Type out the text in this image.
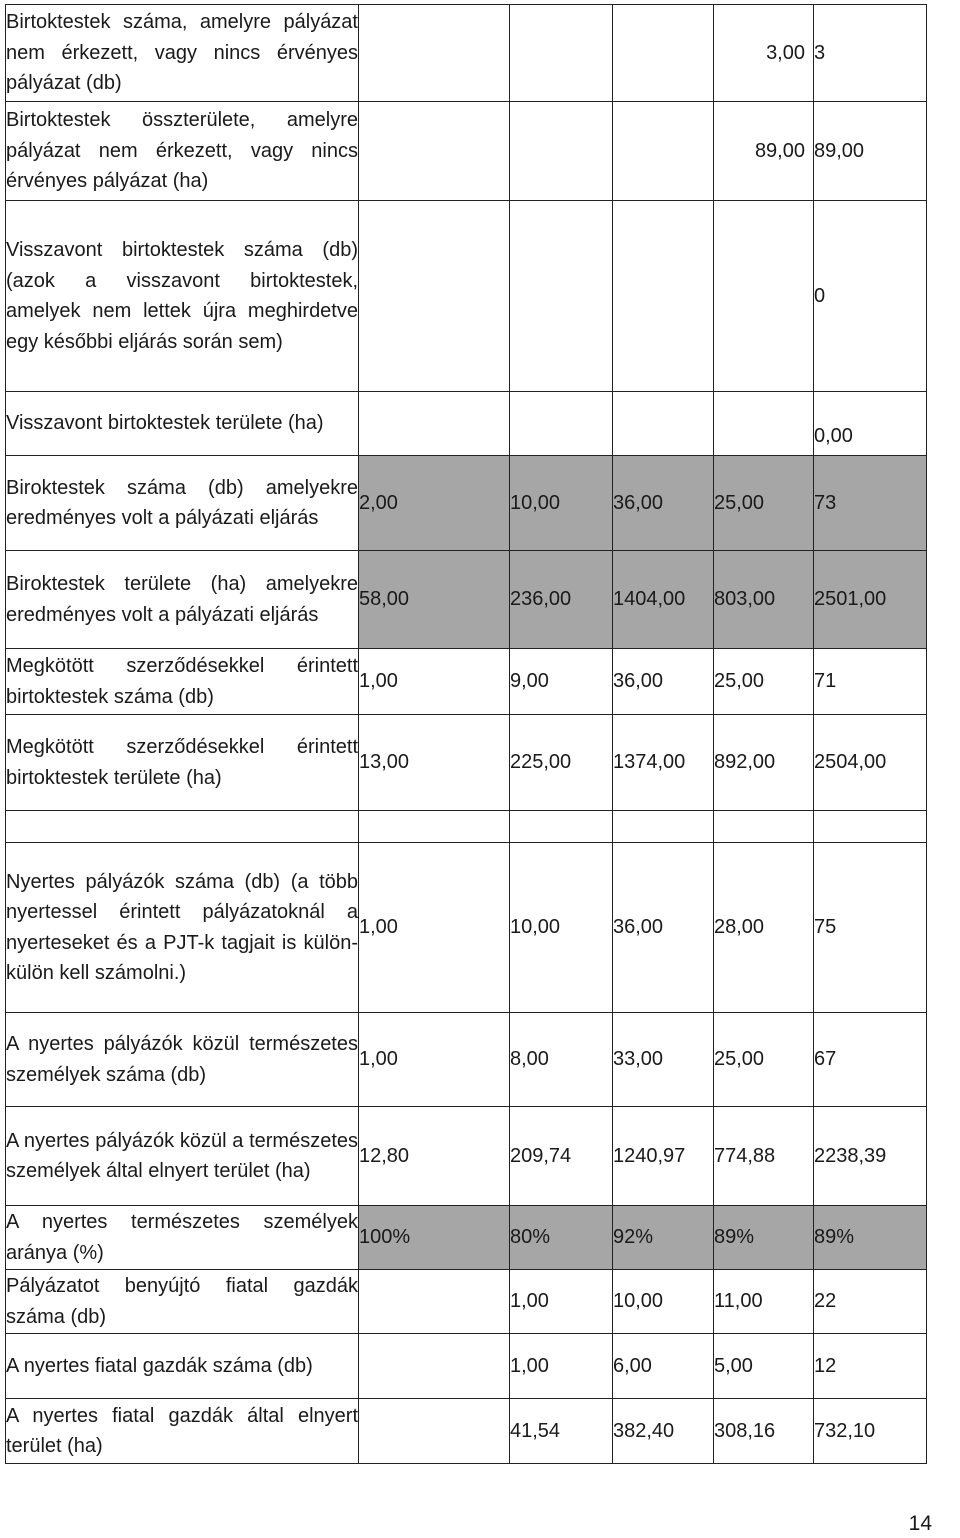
Birtoktestek száma, amelyre pályázat nem érkezett, vagy nincs érvényes pályázat (db)				3,00	3
Birtoktestek összterülete, amelyre pályázat nem érkezett, vagy nincs érvényes pályázat (ha)				89,00	89,00
Visszavont birtoktestek száma (db) (azok a visszavont birtoktestek, amelyek nem lettek újra meghirdetve egy későbbi eljárás során sem)					0
Visszavont birtoktestek területe (ha)					0,00
Biroktestek száma (db) amelyekre eredményes volt a pályázati eljárás	2,00	10,00	36,00	25,00	73
Biroktestek területe (ha) amelyekre eredményes volt a pályázati eljárás	58,00	236,00	1404,00	803,00	2501,00
Megkötött szerződésekkel érintett birtoktestek száma (db)	1,00	9,00	36,00	25,00	71
Megkötött szerződésekkel érintett birtoktestek területe (ha)	13,00	225,00	1374,00	892,00	2504,00

Nyertes pályázók száma (db) (a több nyertessel érintett pályázatoknál a nyerteseket és a PJT-k tagjait is külön-külön kell számolni.)	1,00	10,00	36,00	28,00	75
A nyertes pályázók közül természetes személyek száma (db)	1,00	8,00	33,00	25,00	67
A nyertes pályázók közül a természetes személyek által elnyert terület (ha)	12,80	209,74	1240,97	774,88	2238,39
A nyertes természetes személyek aránya (%)	100%	80%	92%	89%	89%
Pályázatot benyújtó fiatal gazdák száma (db)		1,00	10,00	11,00	22
A nyertes fiatal gazdák száma (db)		1,00	6,00	5,00	12
A nyertes fiatal gazdák által elnyert terület (ha)		41,54	382,40	308,16	732,10
14
